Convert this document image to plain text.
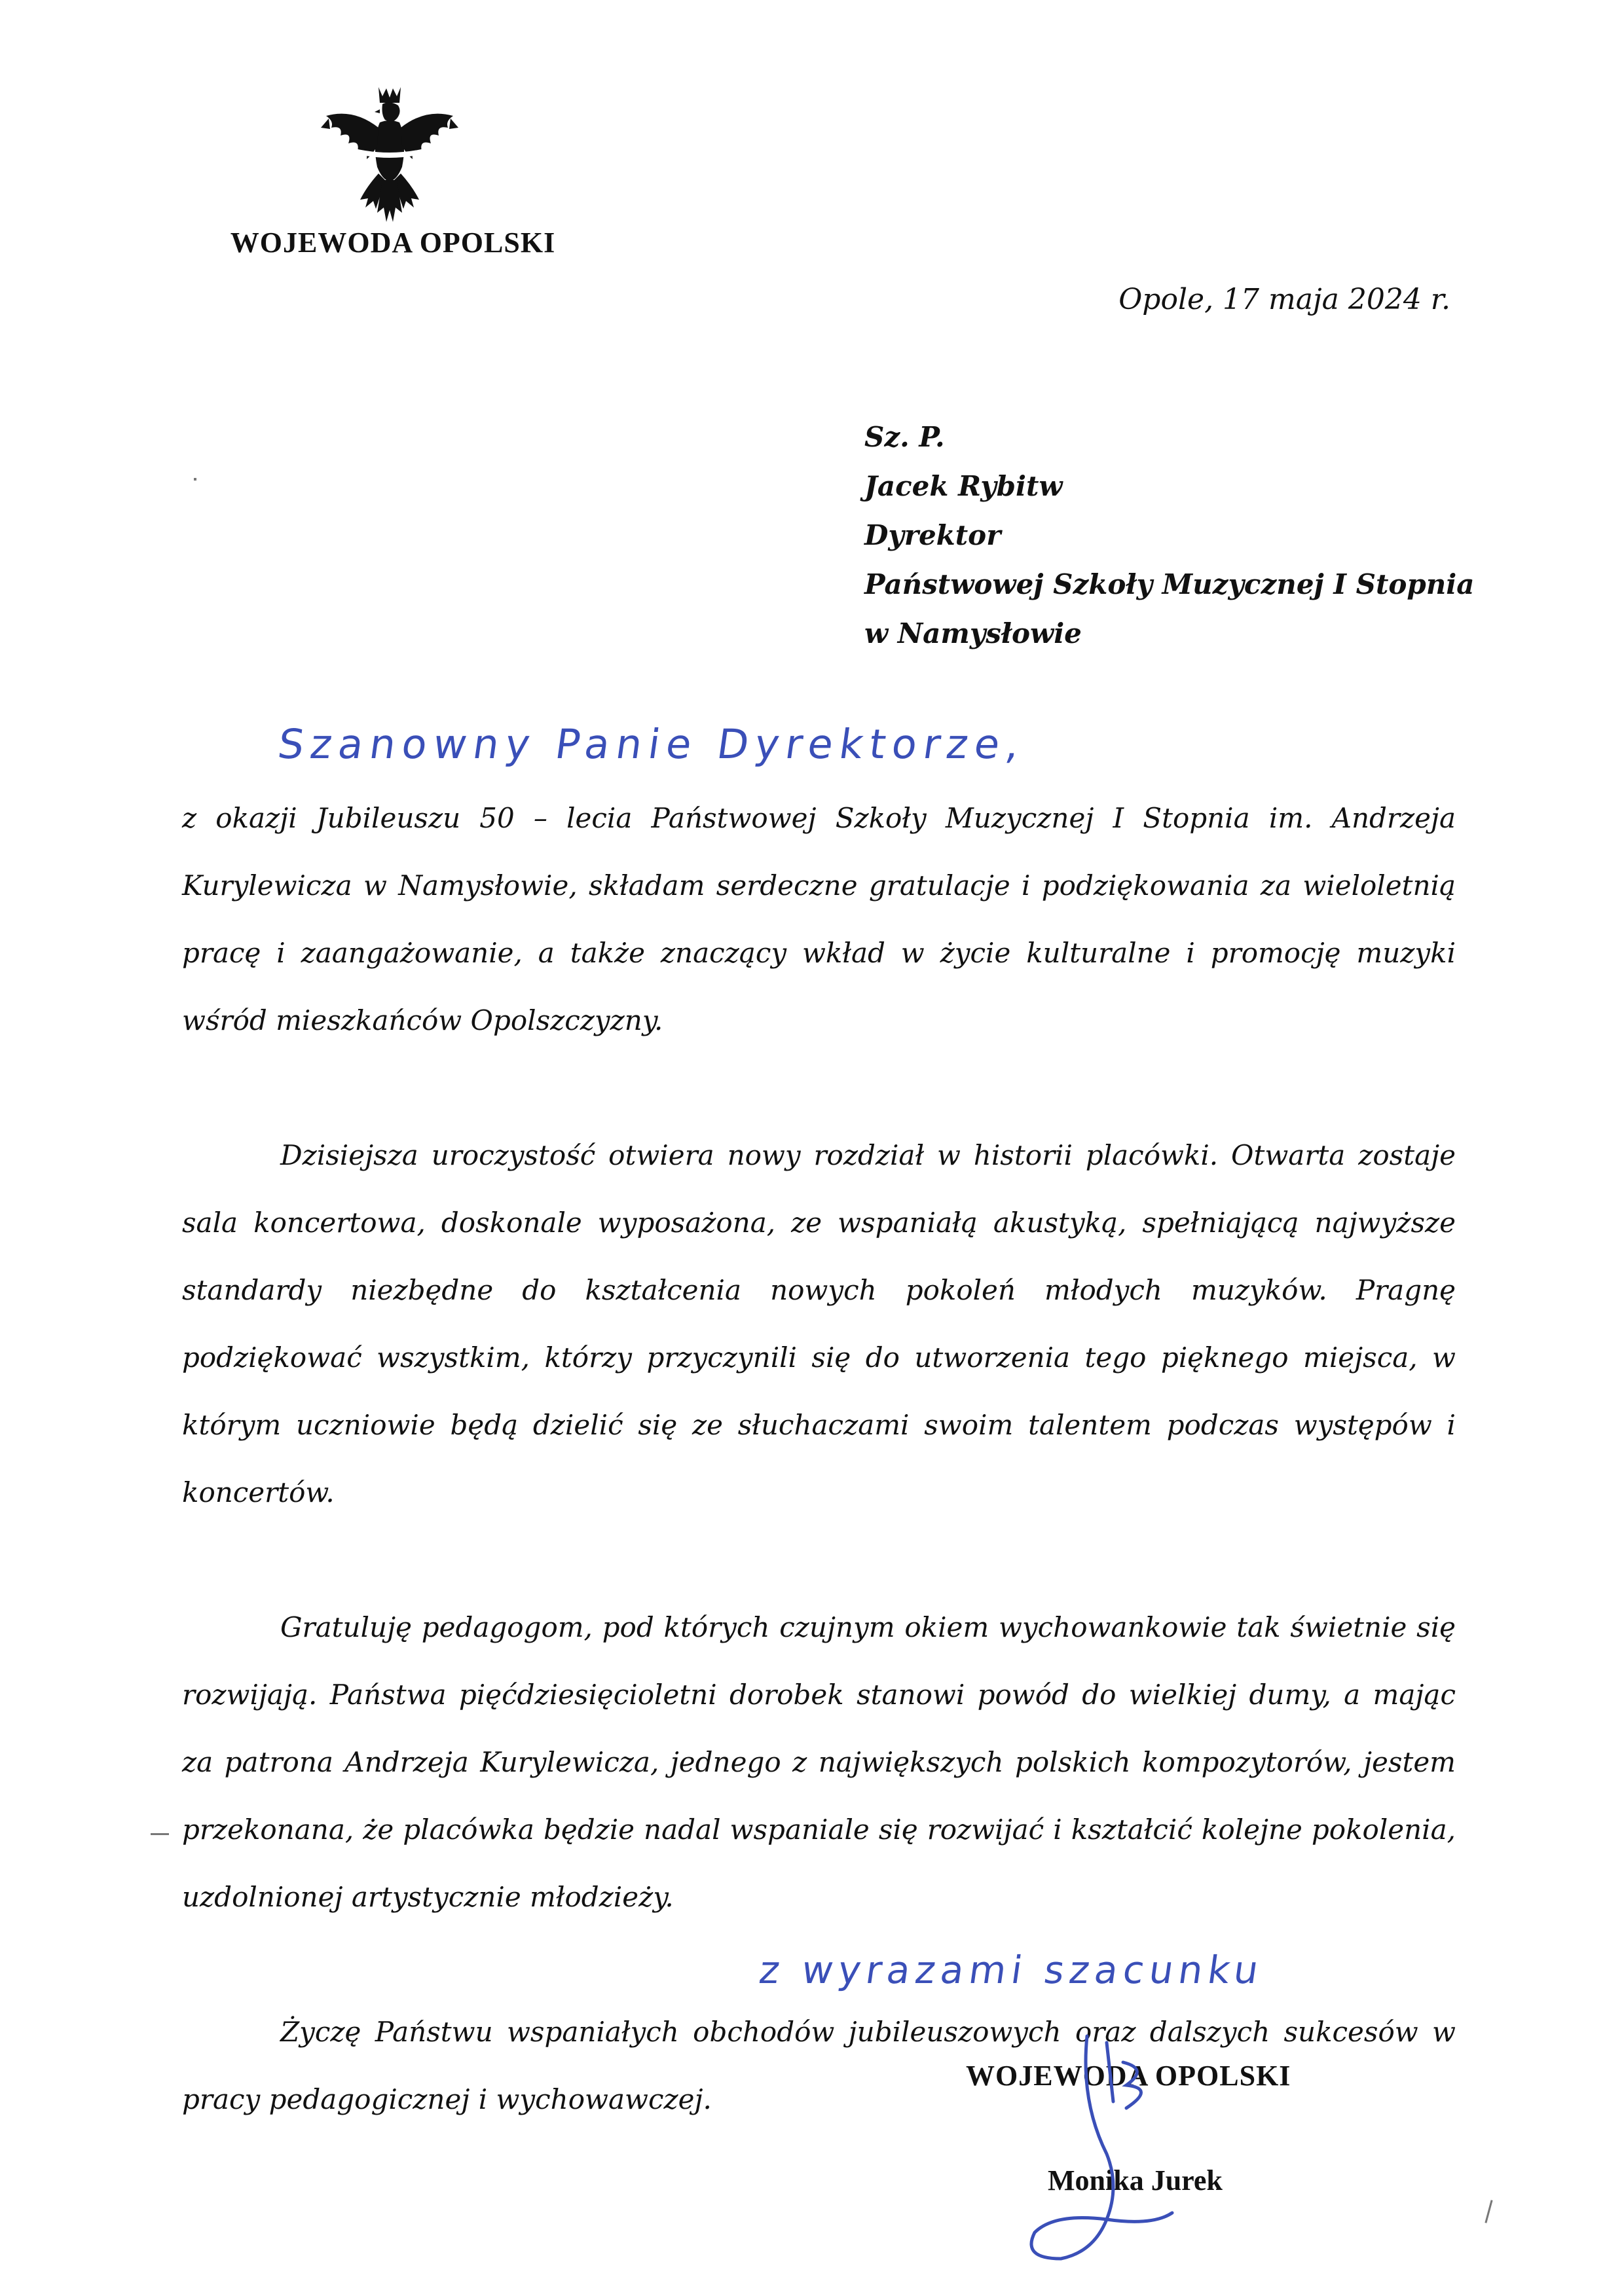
WOJEWODA OPOLSKI
Opole, 17 maja 2024 r.
Sz. P.
Jacek Rybitw
Dyrektor
Państwowej Szkoły Muzycznej I Stopnia
w Namysłowie
Szanowny Panie Dyrektorze,

z okazji Jubileuszu 50 – lecia Państwowej Szkoły Muzycznej I Stopnia im. Andrzeja Kurylewicza w Namysłowie, składam serdeczne gratulacje i podziękowania za wieloletnią pracę i zaangażowanie, a także znaczący wkład w życie kulturalne i promocję muzyki wśród mieszkańców Opolszczyzny.

Dzisiejsza uroczystość otwiera nowy rozdział w historii placówki. Otwarta zostaje sala koncertowa, doskonale wyposażona, ze wspaniałą akustyką, spełniającą najwyższe standardy niezbędne do kształcenia nowych pokoleń młodych muzyków. Pragnę podziękować wszystkim, którzy przyczynili się do utworzenia tego pięknego miejsca, w którym uczniowie będą dzielić się ze słuchaczami swoim talentem podczas występów i koncertów.

Gratuluję pedagogom, pod których czujnym okiem wychowankowie tak świetnie się rozwijają. Państwa pięćdziesięcioletni dorobek stanowi powód do wielkiej dumy, a mając za patrona Andrzeja Kurylewicza, jednego z największych polskich kompozytorów, jestem przekonana, że placówka będzie nadal wspaniale się rozwijać i kształcić kolejne pokolenia, uzdolnionej artystycznie młodzieży.

Życzę Państwu wspaniałych obchodów jubileuszowych oraz dalszych sukcesów w pracy pedagogicznej i wychowawczej.

z wyrazami szacunku
WOJEWODA OPOLSKI
Monika Jurek
